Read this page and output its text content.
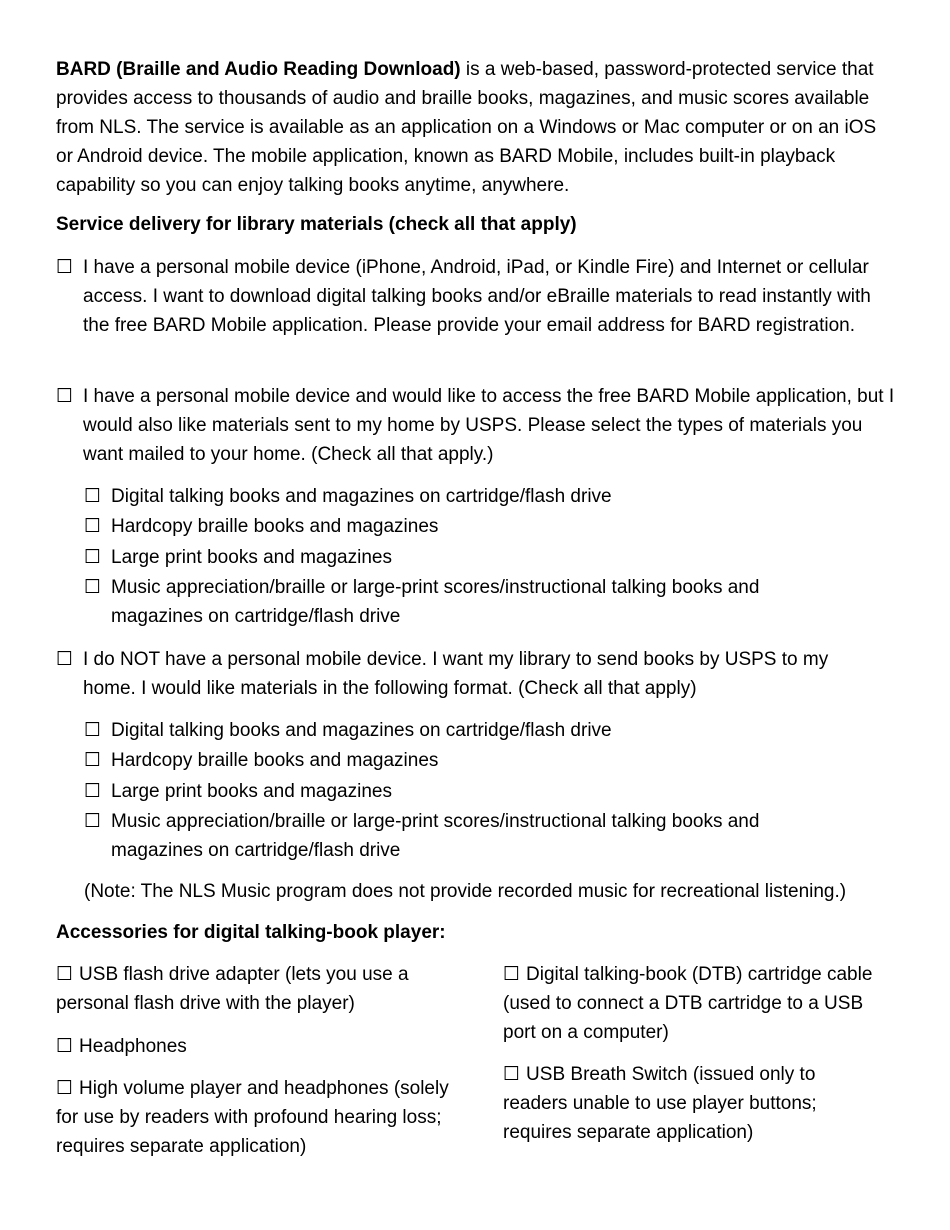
BARD (Braille and Audio Reading Download) is a web-based, password-protected service that provides access to thousands of audio and braille books, magazines, and music scores available from NLS. The service is available as an application on a Windows or Mac computer or on an iOS or Android device. The mobile application, known as BARD Mobile, includes built-in playback capability so you can enjoy talking books anytime, anywhere.

Service delivery for library materials (check all that apply)

☐ I have a personal mobile device (iPhone, Android, iPad, or Kindle Fire) and Internet or cellular access. I want to download digital talking books and/or eBraille materials to read instantly with the free BARD Mobile application. Please provide your email address for BARD registration.

☐ I have a personal mobile device and would like to access the free BARD Mobile application, but I would also like materials sent to my home by USPS. Please select the types of materials you want mailed to your home. (Check all that apply.)

☐ Digital talking books and magazines on cartridge/flash drive

☐ Hardcopy braille books and magazines

☐ Large print books and magazines

☐ Music appreciation/braille or large-print scores/instructional talking books and magazines on cartridge/flash drive

☐ I do NOT have a personal mobile device. I want my library to send books by USPS to my home. I would like materials in the following format. (Check all that apply)

☐ Digital talking books and magazines on cartridge/flash drive

☐ Hardcopy braille books and magazines

☐ Large print books and magazines

☐ Music appreciation/braille or large-print scores/instructional talking books and magazines on cartridge/flash drive

(Note: The NLS Music program does not provide recorded music for recreational listening.)

Accessories for digital talking-book player:

☐ USB flash drive adapter (lets you use a personal flash drive with the player)

☐ Headphones

☐ High volume player and headphones (solely for use by readers with profound hearing loss; requires separate application)

☐ Digital talking-book (DTB) cartridge cable (used to connect a DTB cartridge to a USB port on a computer)

☐ USB Breath Switch (issued only to readers unable to use player buttons; requires separate application)
